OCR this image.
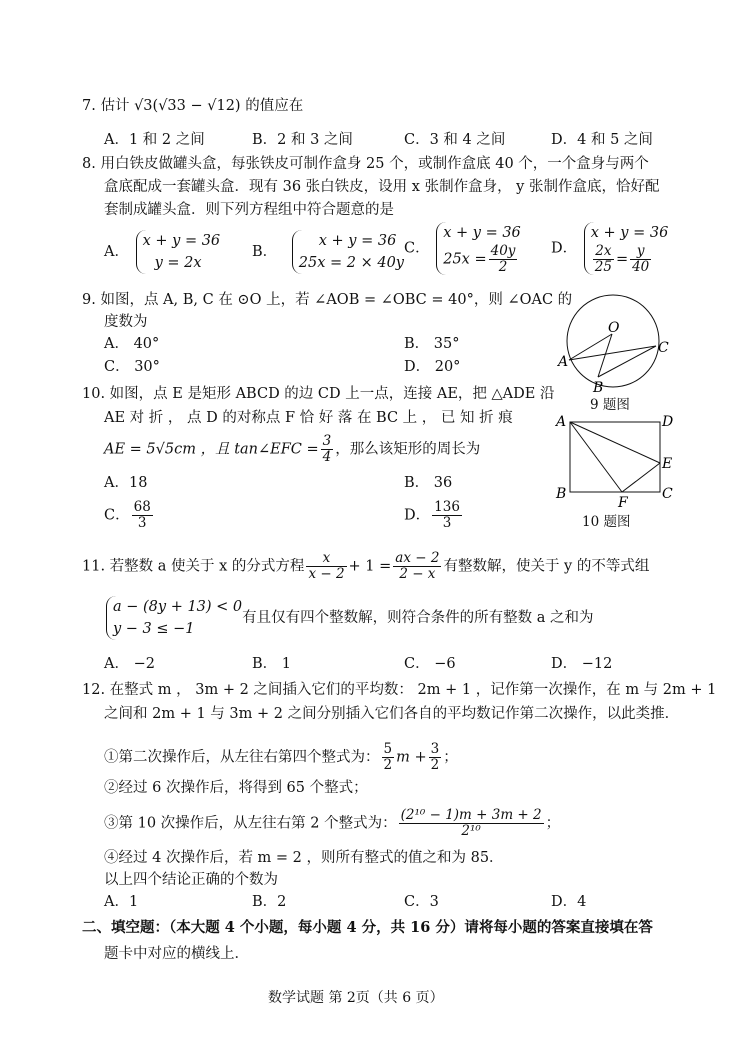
7. 估计 √3(√33 − √12) 的值应在
A．1 和 2 之间	B．2 和 3 之间	C．3 和 4 之间	D．4 和 5 之间
8. 用白铁皮做罐头盒，每张铁皮可制作盒身 25 个，或制作盒底 40 个，一个盒身与两个
盒底配成一套罐头盒．现有 36 张白铁皮，设用 x 张制作盒身， y 张制作盒底，恰好配
套制成罐头盒．则下列方程组中符合题意的是
A．
x + y = 36
y = 2x
B．
x + y = 36
25x = 2 × 40y
C．
x + y = 36
$25x = \frac{40y}{2}$ D．
x + y = 36
$\frac{2x}{25} = \frac{y}{40}$
9. 如图，点 A, B, C 在 ⊙O 上，若 ∠AOB = ∠OBC = 40°，则 ∠OAC 的
度数为
A． 40°	B． 35°
C． 30°	D． 20°
O
A
B
C
9 题图
10. 如图，点 E 是矩形 ABCD 的边 CD 上一点，连接 AE，把 △ADE 沿
AE 对 折 ， 点 D 的对称点 F 恰 好 落 在 BC 上 ， 已 知 折 痕
AE = 5√5cm ，且 tan∠EFC = $\frac{3}{4}$ ，那么该矩形的周长为
A．18	B． 36
C． $\frac{68}{3}$	D． $\frac{136}{3}$
A	D
E
B
F
C
10 题图
11. 若整数 a 使关于 x 的分式方程 $\frac{x}{x - 2} + 1 = \frac{ax - 2}{2 - x}$ 有整数解，使关于 y 的不等式组
a − (8y + 13) < 0
y − 3 ≤ −1
有且仅有四个整数解，则符合条件的所有整数 a 之和为
A． −2	B． 1	C． −6	D． −12
12. 在整式 m ， 3m + 2 之间插入它们的平均数： 2m + 1 ，记作第一次操作，在 m 与 2m + 1
之间和 2m + 1 与 3m + 2 之间分别插入它们各自的平均数记作第二次操作，以此类推．
①第二次操作后，从左往右第四个整式为： $\frac{5}{2}$ $m + \frac{3}{2}$ ；
②经过 6 次操作后，将得到 65 个整式；
③第 10 次操作后，从左往右第 2 个整式为： $\frac{\text{(2¹⁰ − 1)m + 3m + 2}}{\text{2¹⁰}}$ ；
④经过 4 次操作后，若 m = 2 ，则所有整式的值之和为 85．
以上四个结论正确的个数为
A．1	B．2	C．3	D．4
二、填空题：（本大题 4 个小题，每小题 4 分，共 16 分）请将每小题的答案直接填在答
题卡中对应的横线上．
数学试题 第 2页（共 6 页）
